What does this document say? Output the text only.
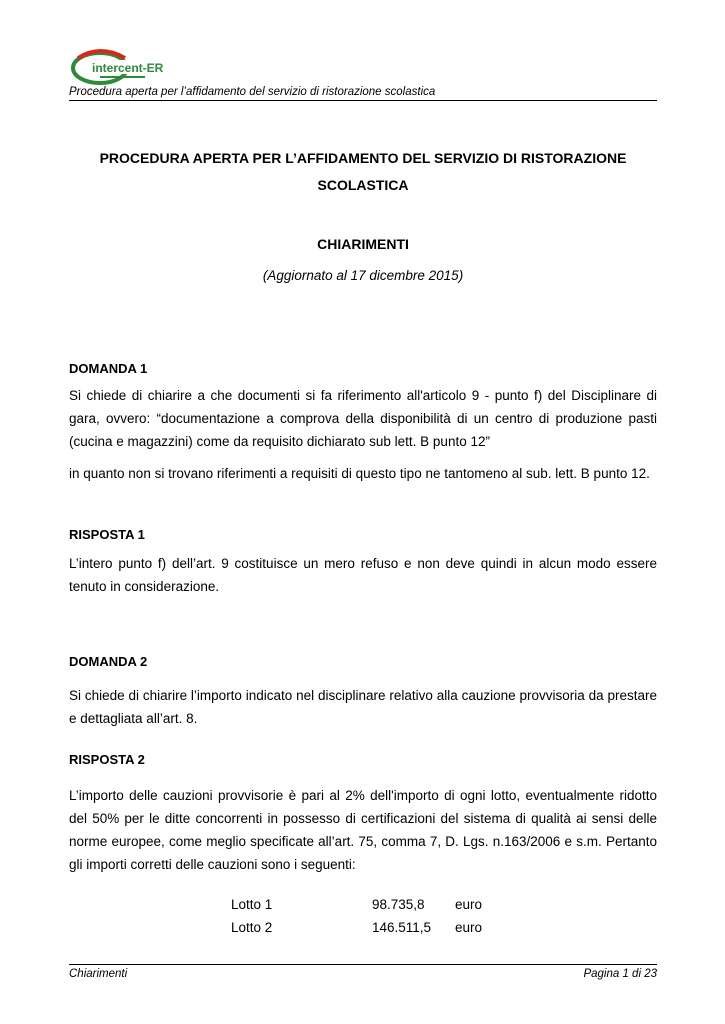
intercent-ER
Procedura aperta per l’affidamento del servizio di ristorazione scolastica
PROCEDURA APERTA PER L’AFFIDAMENTO DEL SERVIZIO DI RISTORAZIONE SCOLASTICA
CHIARIMENTI
(Aggiornato al 17 dicembre 2015)
DOMANDA 1
Si chiede di chiarire a che documenti si fa riferimento all'articolo 9 - punto f) del Disciplinare di gara, ovvero: “documentazione a comprova della disponibilità di un centro di produzione pasti (cucina e magazzini) come da requisito dichiarato sub lett. B punto 12”
in quanto non si trovano riferimenti a requisiti di questo tipo ne tantomeno al sub. lett. B punto 12.
RISPOSTA 1
L’intero punto f) dell’art. 9 costituisce un mero refuso e non deve quindi in alcun modo essere tenuto in considerazione.
DOMANDA 2
Si chiede di chiarire l’importo indicato nel disciplinare relativo alla cauzione provvisoria da prestare e dettagliata all’art. 8.
RISPOSTA 2
L’importo delle cauzioni provvisorie è pari al 2% dell'importo di ogni lotto, eventualmente ridotto del 50% per le ditte concorrenti in possesso di certificazioni del sistema di qualità ai sensi delle norme europee, come meglio specificate all’art. 75, comma 7, D. Lgs. n.163/2006 e s.m. Pertanto gli importi corretti delle cauzioni sono i seguenti:
Lotto 1	98.735,8	euro
Lotto 2	146.511,5	euro
Chiarimenti	Pagina 1 di 23
